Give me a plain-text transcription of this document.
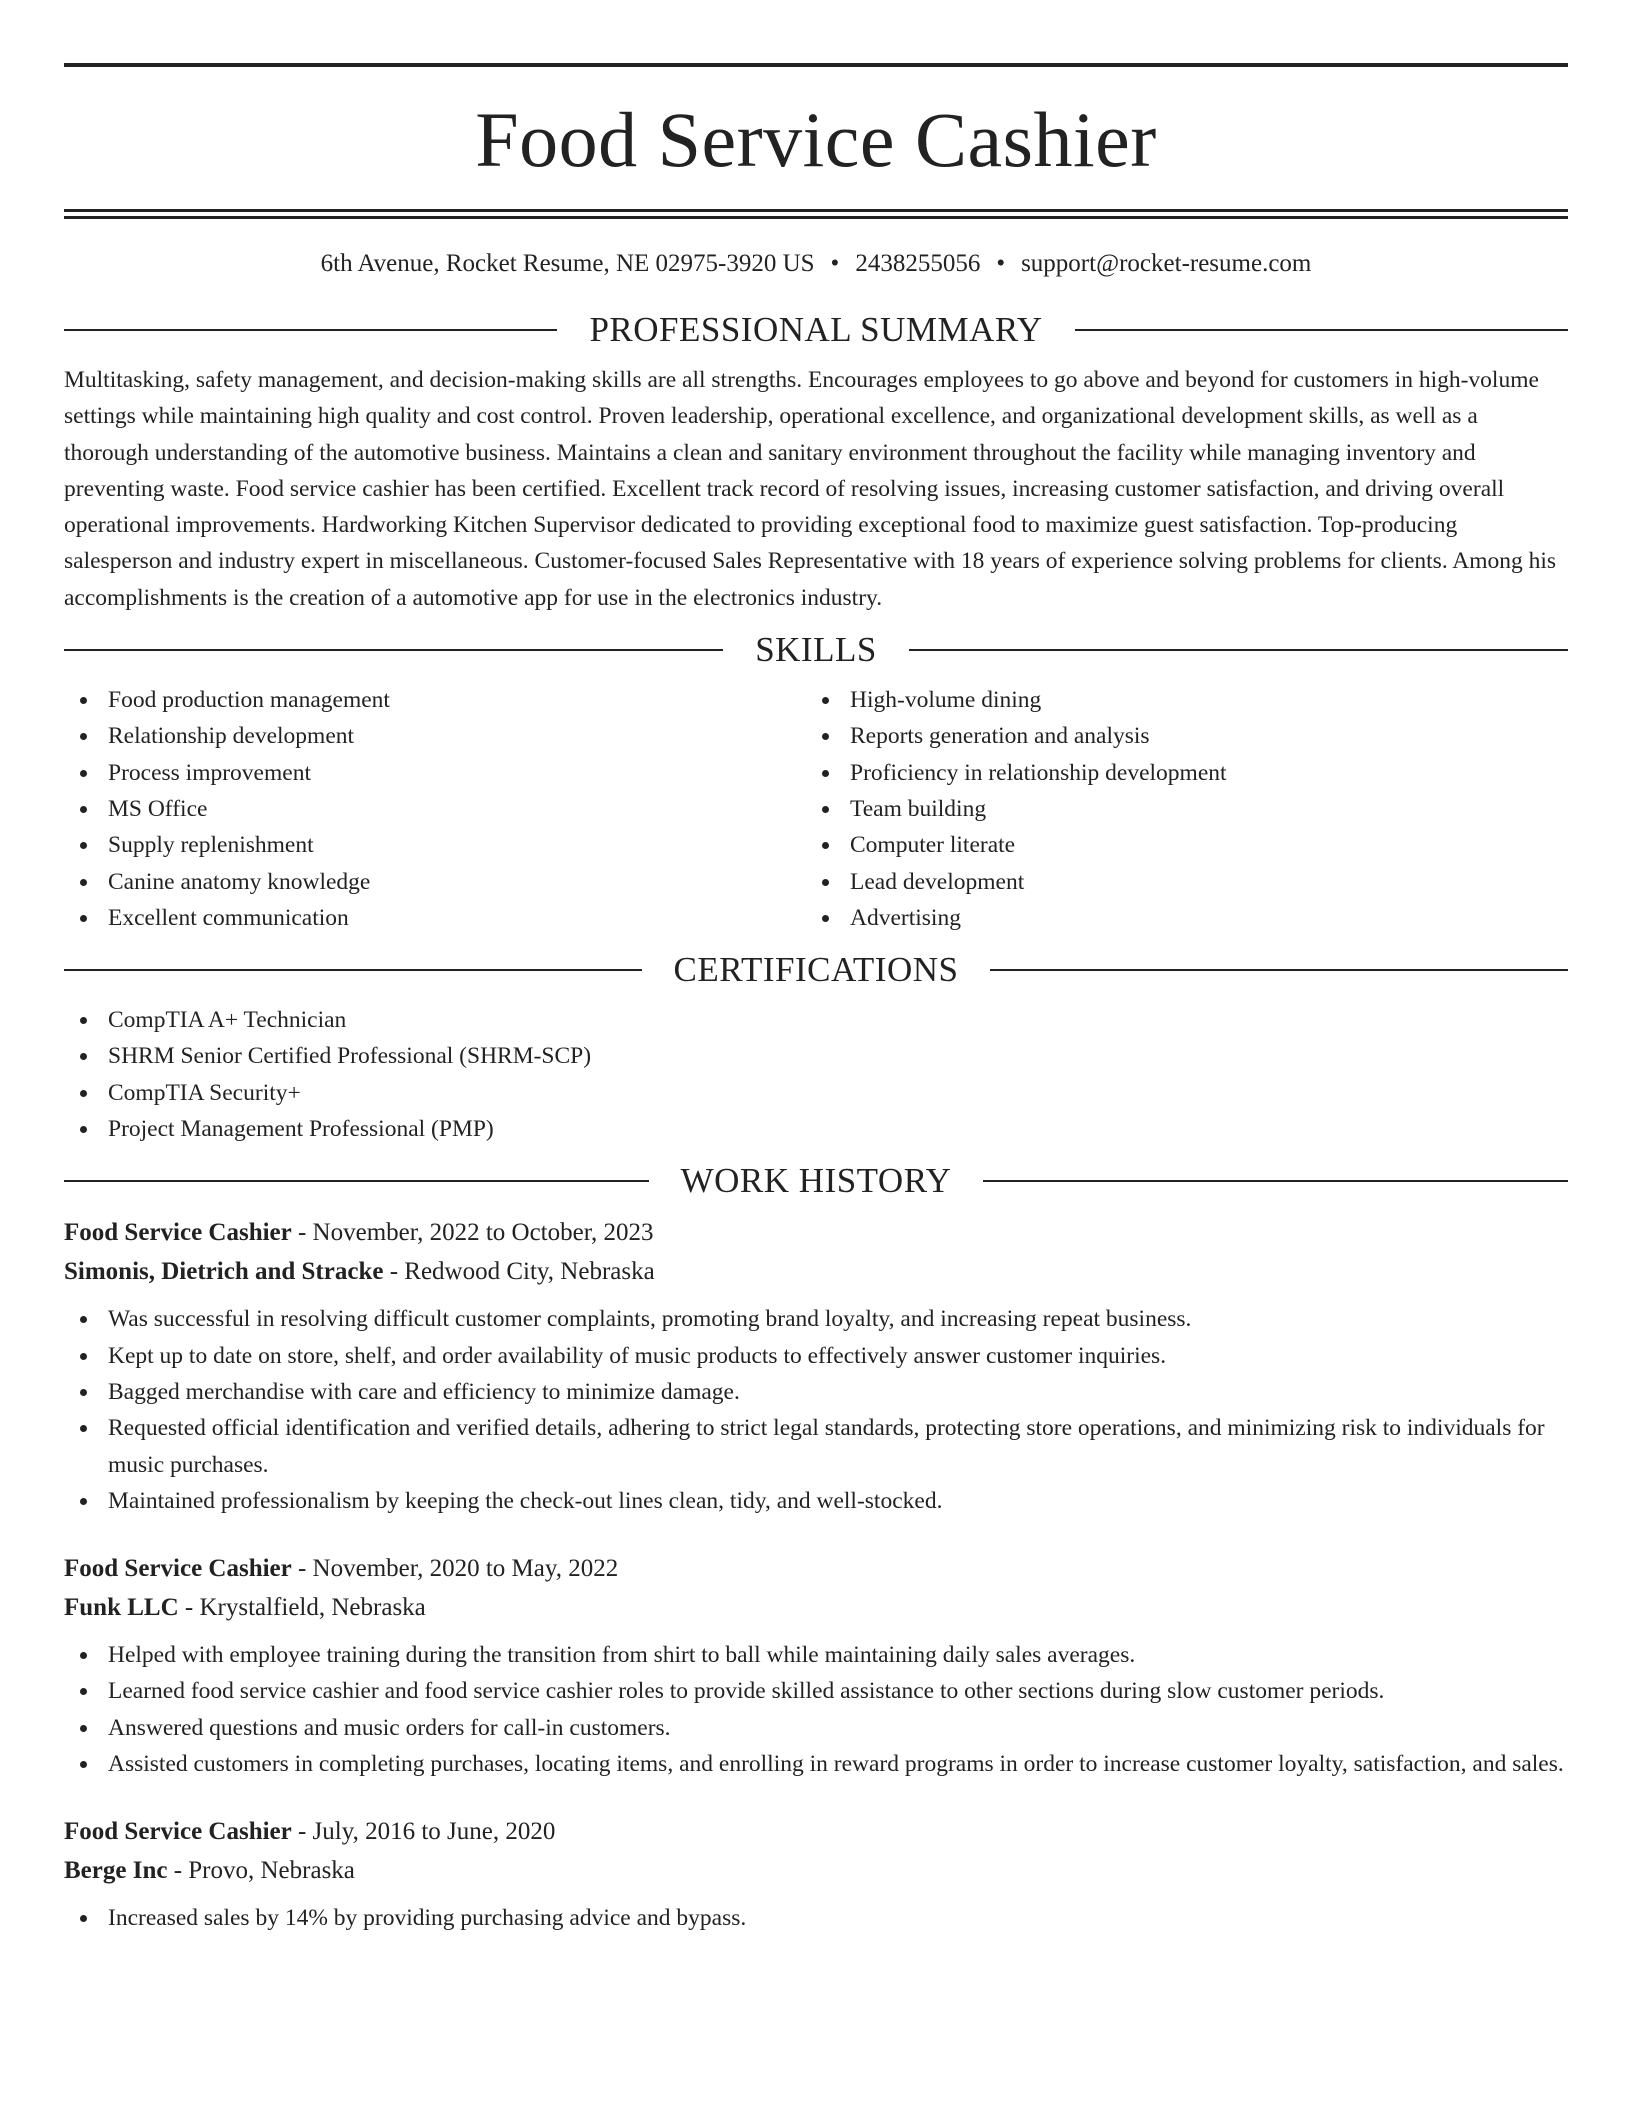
Food Service Cashier
6th Avenue, Rocket Resume, NE 02975-3920 US • 2438255056 • support@rocket-resume.com
PROFESSIONAL SUMMARY

Multitasking, safety management, and decision-making skills are all strengths. Encourages employees to go above and beyond for customers in high-volume settings while maintaining high quality and cost control. Proven leadership, operational excellence, and organizational development skills, as well as a thorough understanding of the automotive business. Maintains a clean and sanitary environment throughout the facility while managing inventory and preventing waste. Food service cashier has been certified. Excellent track record of resolving issues, increasing customer satisfaction, and driving overall operational improvements. Hardworking Kitchen Supervisor dedicated to providing exceptional food to maximize guest satisfaction. Top-producing salesperson and industry expert in miscellaneous. Customer-focused Sales Representative with 18 years of experience solving problems for clients. Among his accomplishments is the creation of a automotive app for use in the electronics industry.

SKILLS
Food production management
Relationship development
Process improvement
MS Office
Supply replenishment
Canine anatomy knowledge
Excellent communication
High-volume dining
Reports generation and analysis
Proficiency in relationship development
Team building
Computer literate
Lead development
Advertising
CERTIFICATIONS
CompTIA A+ Technician
SHRM Senior Certified Professional (SHRM-SCP)
CompTIA Security+
Project Management Professional (PMP)
WORK HISTORY
Food Service Cashier - November, 2022 to October, 2023
Simonis, Dietrich and Stracke - Redwood City, Nebraska
Was successful in resolving difficult customer complaints, promoting brand loyalty, and increasing repeat business.
Kept up to date on store, shelf, and order availability of music products to effectively answer customer inquiries.
Bagged merchandise with care and efficiency to minimize damage.
Requested official identification and verified details, adhering to strict legal standards, protecting store operations, and minimizing risk to individuals for music purchases.
Maintained professionalism by keeping the check-out lines clean, tidy, and well-stocked.
Food Service Cashier - November, 2020 to May, 2022
Funk LLC - Krystalfield, Nebraska
Helped with employee training during the transition from shirt to ball while maintaining daily sales averages.
Learned food service cashier and food service cashier roles to provide skilled assistance to other sections during slow customer periods.
Answered questions and music orders for call-in customers.
Assisted customers in completing purchases, locating items, and enrolling in reward programs in order to increase customer loyalty, satisfaction, and sales.
Food Service Cashier - July, 2016 to June, 2020
Berge Inc - Provo, Nebraska
Increased sales by 14% by providing purchasing advice and bypass.
